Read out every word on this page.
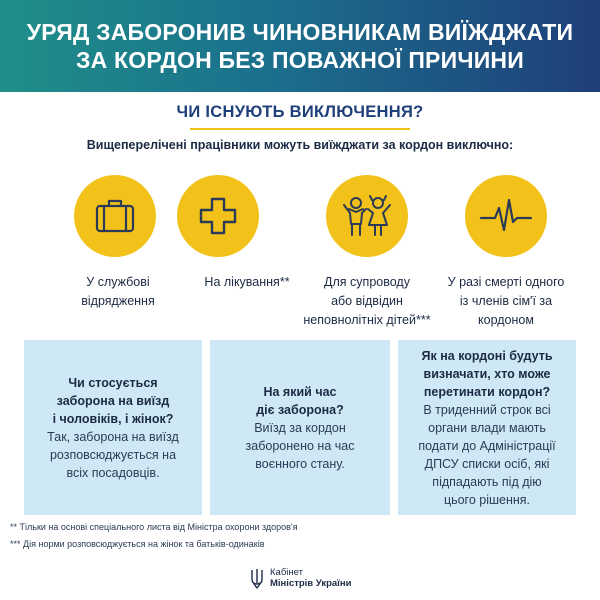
УРЯД ЗАБОРОНИВ ЧИНОВНИКАМ ВИЇЖДЖАТИ
ЗА КОРДОН БЕЗ ПОВАЖНОЇ ПРИЧИНИ
ЧИ ІСНУЮТЬ ВИКЛЮЧЕННЯ?
Вищеперелічені працівники можуть виїжджати за кордон виключно:
У службові
відрядження
На лікування**	Для супроводу
або відвідин
неповнолітніх дітей***
У разі смерті одного
із членів сім'ї за
кордоном
Чи стосується
заборона на виїзд
і чоловіків, і жінок?
Так, заборона на виїзд
розповсюджується на
всіх посадовців.
На який час
діє заборона?
Виїзд за кордон
заборонено на час
воєнного стану.
Як на кордоні будуть
визначати, хто може
перетинати кордон?
В триденний строк всі
органи влади мають
подати до Адміністрації
ДПСУ списки осіб, які
підпадають під дію
цього рішення.
** Тільки на основі спеціального листа від Міністра охорони здоров'я
*** Дія норми розповсюджується на жінок та батьків-одинаків
Кабінет
Міністрів України
